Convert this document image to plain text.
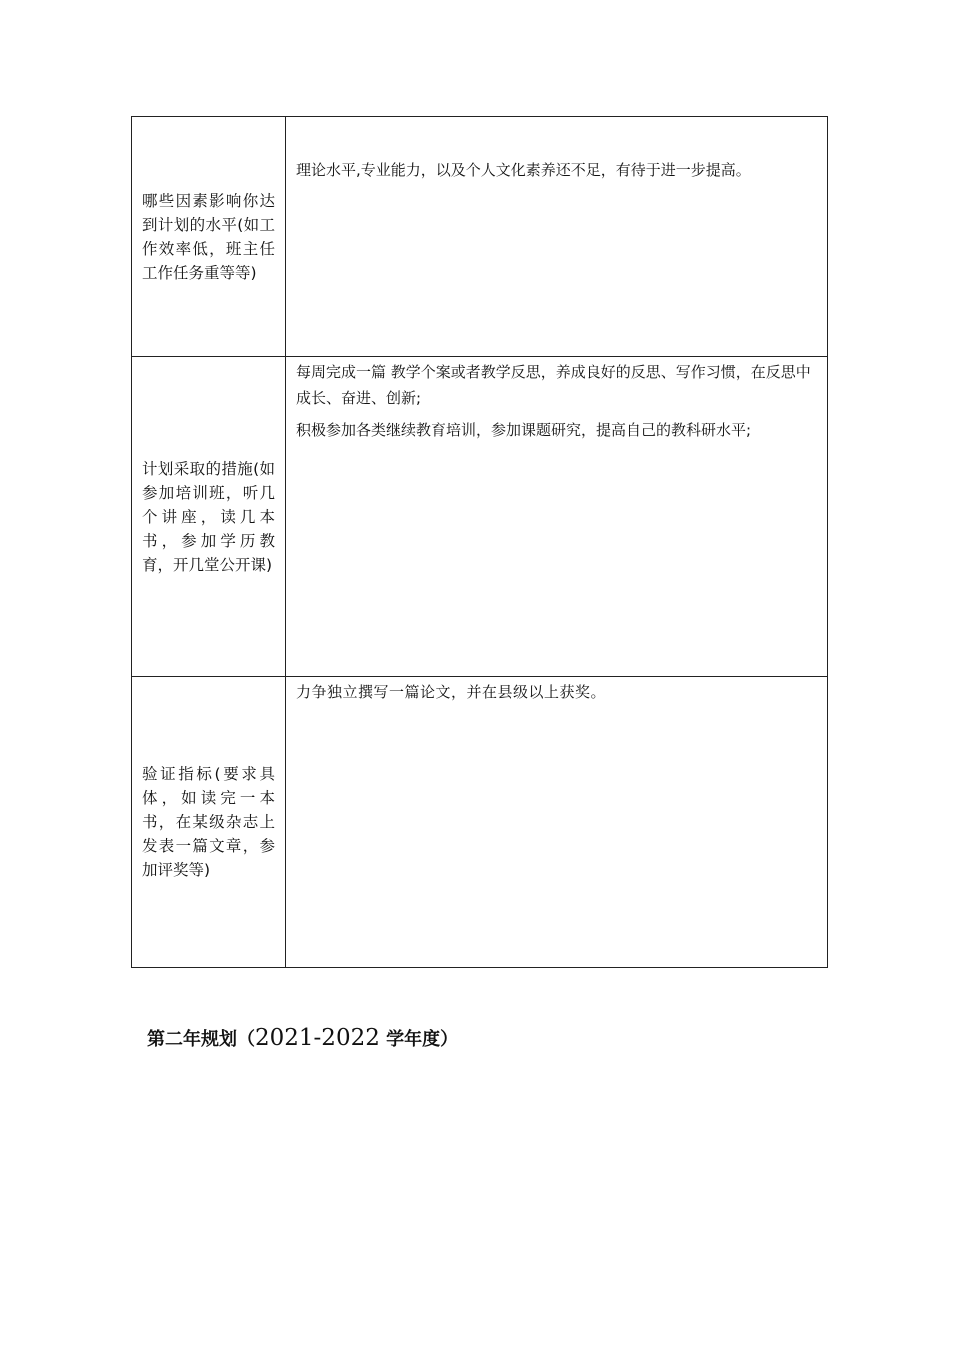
哪些因素影响你达到计划的水平(如工作效率低，班主任工作任务重等等)	理论水平,专业能力，以及个人文化素养还不足，有待于进一步提高。

计划采取的措施(如参加培训班，听几个讲座，读几本书，参加学历教育，开几堂公开课)	每周完成一篇 教学个案或者教学反思，养成良好的反思、写作习惯，在反思中成长、奋进、创新;

积极参加各类继续教育培训，参加课题研究，提高自己的教科研水平;

验证指标(要求具体，如读完一本书，在某级杂志上发表一篇文章，参加评奖等)	力争独立撰写一篇论文，并在县级以上获奖。

第二年规划（2021-2022 学年度）
